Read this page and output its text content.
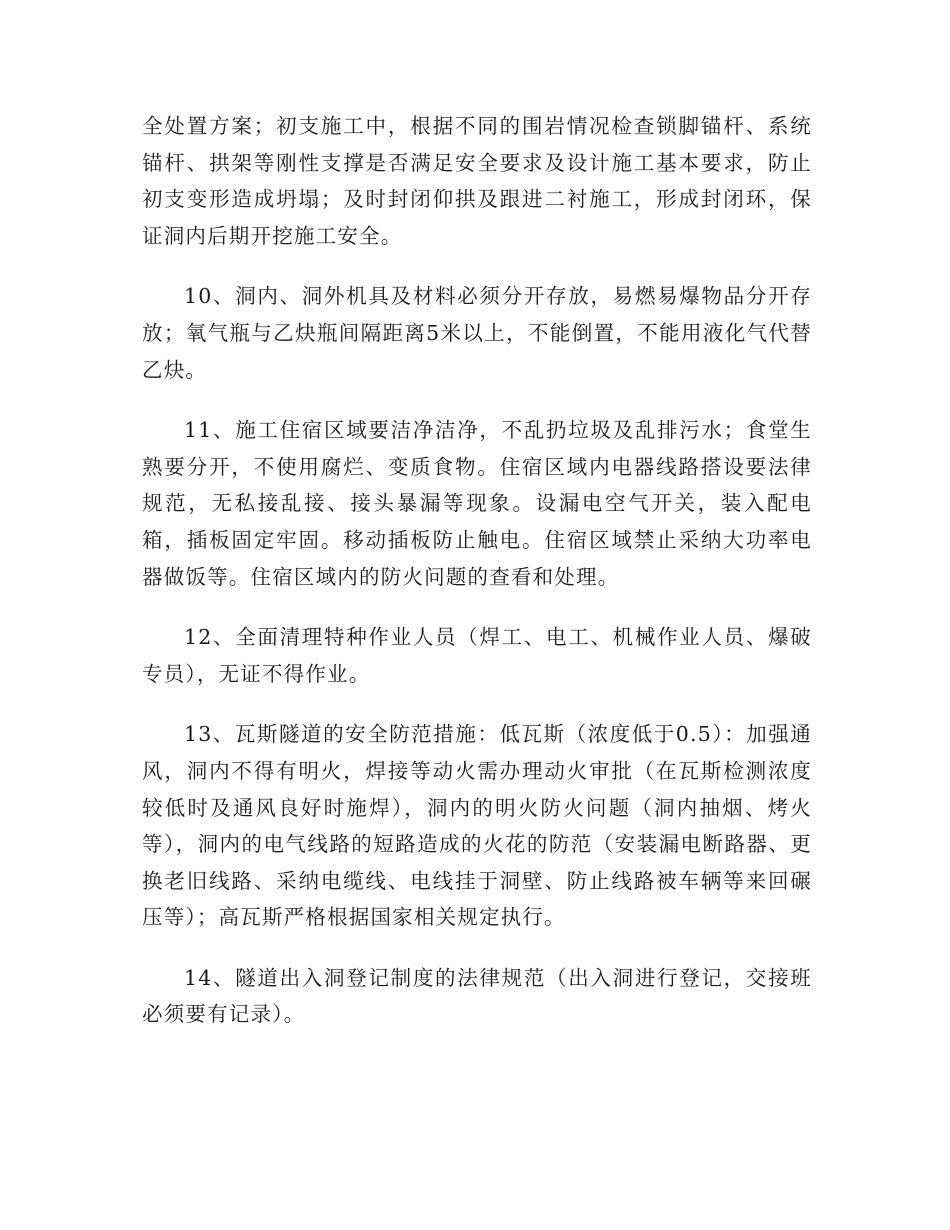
全处置方案；初支施工中，根据不同的围岩情况检查锁脚锚杆、系统锚杆、拱架等刚性支撑是否满足安全要求及设计施工基本要求，防止初支变形造成坍塌；及时封闭仰拱及跟进二衬施工，形成封闭环，保证洞内后期开挖施工安全。

10、洞内、洞外机具及材料必须分开存放，易燃易爆物品分开存放；氧气瓶与乙炔瓶间隔距离5米以上，不能倒置，不能用液化气代替乙炔。

11、施工住宿区域要洁净洁净，不乱扔垃圾及乱排污水；食堂生熟要分开，不使用腐烂、变质食物。住宿区域内电器线路搭设要法律规范，无私接乱接、接头暴漏等现象。设漏电空气开关，装入配电箱，插板固定牢固。移动插板防止触电。住宿区域禁止采纳大功率电器做饭等。住宿区域内的防火问题的查看和处理。

12、全面清理特种作业人员（焊工、电工、机械作业人员、爆破专员），无证不得作业。

13、瓦斯隧道的安全防范措施：低瓦斯（浓度低于0.5）：加强通风，洞内不得有明火，焊接等动火需办理动火审批（在瓦斯检测浓度较低时及通风良好时施焊），洞内的明火防火问题（洞内抽烟、烤火等），洞内的电气线路的短路造成的火花的防范（安装漏电断路器、更换老旧线路、采纳电缆线、电线挂于洞壁、防止线路被车辆等来回碾压等）；高瓦斯严格根据国家相关规定执行。

14、隧道出入洞登记制度的法律规范（出入洞进行登记，交接班必须要有记录）。
